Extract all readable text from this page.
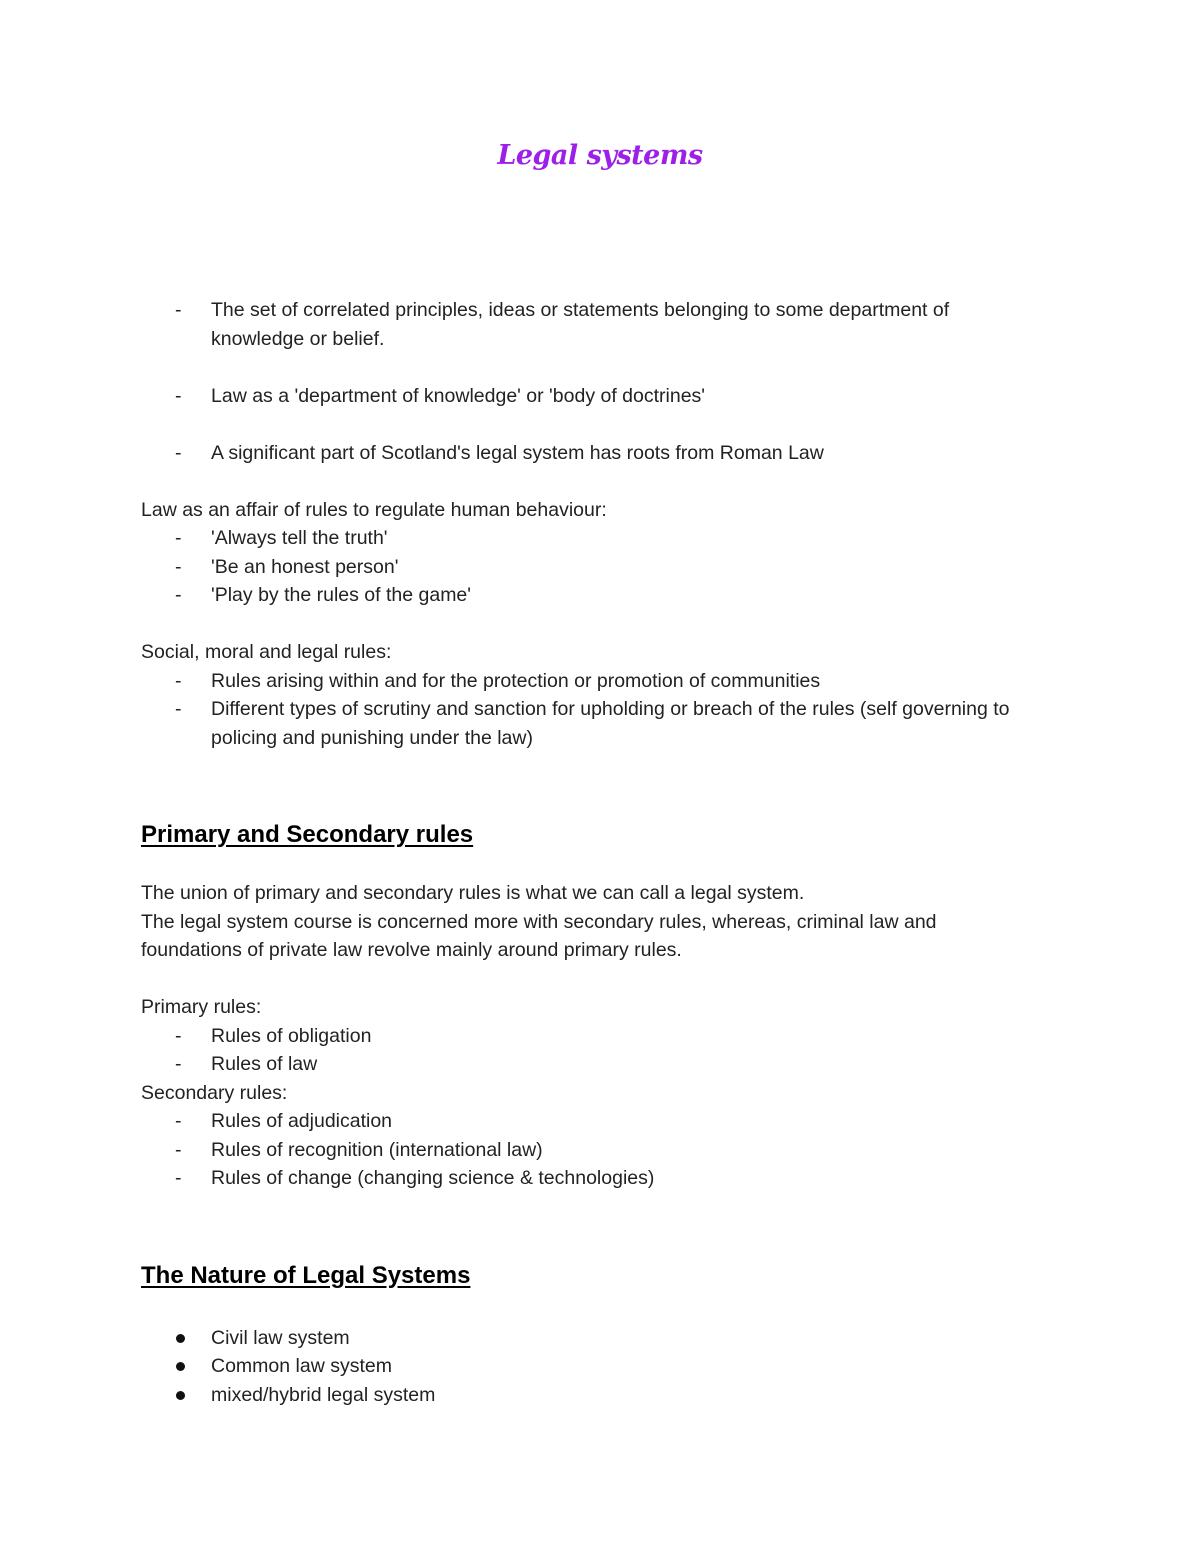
Legal systems
-	The set of correlated principles, ideas or statements belonging to some department of knowledge or belief.
-	Law as a 'department of knowledge' or 'body of doctrines'
-	A significant part of Scotland's legal system has roots from Roman Law
Law as an affair of rules to regulate human behaviour:
-	'Always tell the truth'
-	'Be an honest person'
-	'Play by the rules of the game'
Social, moral and legal rules:
-	Rules arising within and for the protection or promotion of communities
-	Different types of scrutiny and sanction for upholding or breach of the rules (self governing to policing and punishing under the law)
Primary and Secondary rules
The union of primary and secondary rules is what we can call a legal system.
The legal system course is concerned more with secondary rules, whereas, criminal law and foundations of private law revolve mainly around primary rules.
Primary rules:
-	Rules of obligation
-	Rules of law
Secondary rules:
-	Rules of adjudication
-	Rules of recognition (international law)
-	Rules of change (changing science & technologies)
The Nature of Legal Systems
Civil law system
Common law system
mixed/hybrid legal system
